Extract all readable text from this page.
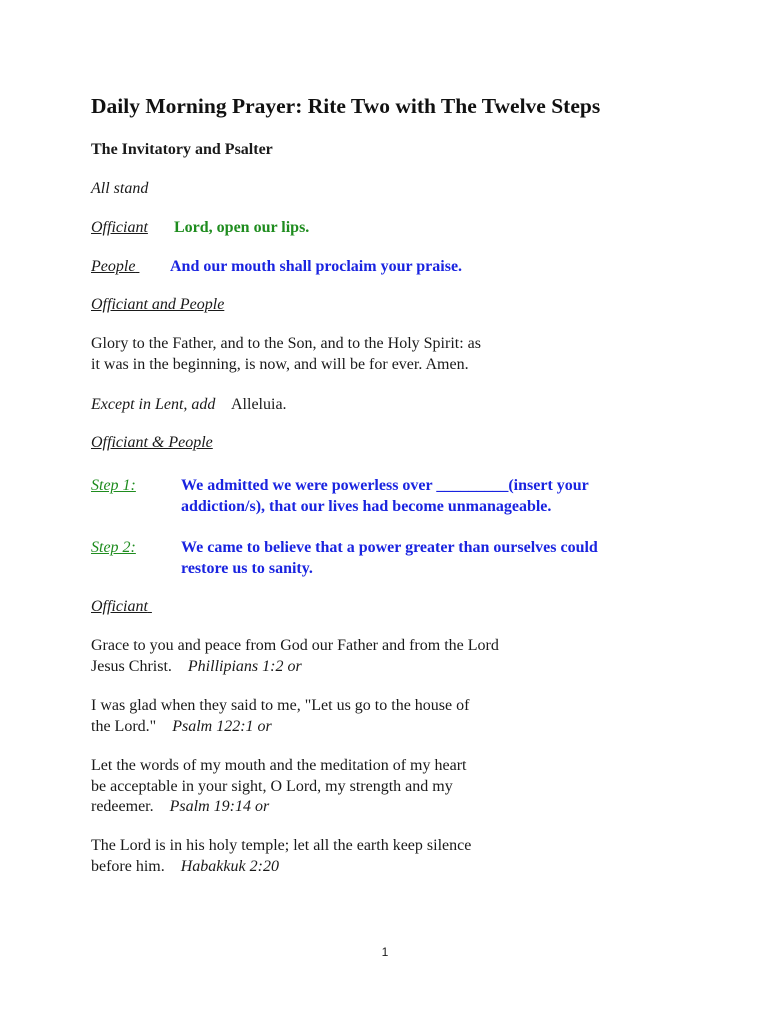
Daily Morning Prayer: Rite Two with The Twelve Steps
The Invitatory and Psalter
All stand
Officiant Lord, open our lips.
People And our mouth shall proclaim your praise.
Officiant and People
Glory to the Father, and to the Son, and to the Holy Spirit: as
it was in the beginning, is now, and will be for ever. Amen.
Except in Lent, add Alleluia.
Officiant & People
Step 1:	We admitted we were powerless over _________(insert your
addiction/s), that our lives had become unmanageable.
Step 2:	We came to believe that a power greater than ourselves could
restore us to sanity.
Officiant
Grace to you and peace from God our Father and from the Lord
Jesus Christ. Phillipians 1:2 or
I was glad when they said to me, "Let us go to the house of
the Lord." Psalm 122:1 or
Let the words of my mouth and the meditation of my heart
be acceptable in your sight, O Lord, my strength and my
redeemer. Psalm 19:14 or
The Lord is in his holy temple; let all the earth keep silence
before him. Habakkuk 2:20
1
